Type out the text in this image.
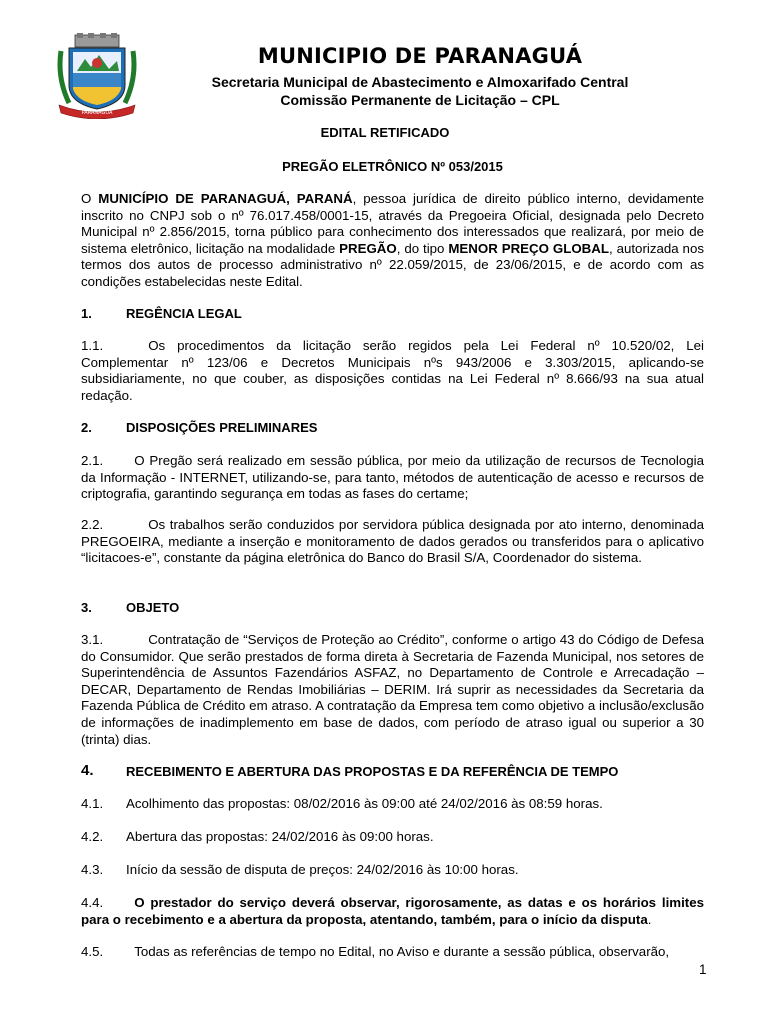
PARANAGUÁ
MUNICIPIO DE PARANAGUÁ
Secretaria Municipal de Abastecimento e Almoxarifado Central
Comissão Permanente de Licitação – CPL
EDITAL RETIFICADO
PREGÃO ELETRÔNICO Nº 053/2015
O MUNICÍPIO DE PARANAGUÁ, PARANÁ, pessoa jurídica de direito público interno, devidamente inscrito no CNPJ sob o nº 76.017.458/0001-15, através da Pregoeira Oficial, designada pelo Decreto Municipal nº 2.856/2015, torna público para conhecimento dos interessados que realizará, por meio de sistema eletrônico, licitação na modalidade PREGÃO, do tipo MENOR PREÇO GLOBAL, autorizada nos termos dos autos de processo administrativo nº 22.059/2015, de 23/06/2015, e de acordo com as condições estabelecidas neste Edital.
1.	REGÊNCIA LEGAL
1.1.	Os procedimentos da licitação serão regidos pela Lei Federal nº 10.520/02, Lei Complementar nº 123/06 e Decretos Municipais nºs 943/2006 e 3.303/2015, aplicando-se subsidiariamente, no que couber, as disposições contidas na Lei Federal nº 8.666/93 na sua atual redação.
2.	DISPOSIÇÕES PRELIMINARES
2.1. O Pregão será realizado em sessão pública, por meio da utilização de recursos de Tecnologia da Informação - INTERNET, utilizando-se, para tanto, métodos de autenticação de acesso e recursos de criptografia, garantindo segurança em todas as fases do certame;
2.2.	Os trabalhos serão conduzidos por servidora pública designada por ato interno, denominada PREGOEIRA, mediante a inserção e monitoramento de dados gerados ou transferidos para o aplicativo “licitacoes-e”, constante da página eletrônica do Banco do Brasil S/A, Coordenador do sistema.
3.	OBJETO
3.1.	Contratação de “Serviços de Proteção ao Crédito”, conforme o artigo 43 do Código de Defesa do Consumidor. Que serão prestados de forma direta à Secretaria de Fazenda Municipal, nos setores de Superintendência de Assuntos Fazendários ASFAZ, no Departamento de Controle e Arrecadação – DECAR, Departamento de Rendas Imobiliárias – DERIM. Irá suprir as necessidades da Secretaria da Fazenda Pública de Crédito em atraso. A contratação da Empresa tem como objetivo a inclusão/exclusão de informações de inadimplemento em base de dados, com período de atraso igual ou superior a 30 (trinta) dias.
4. RECEBIMENTO E ABERTURA DAS PROPOSTAS E DA REFERÊNCIA DE TEMPO
4.1. Acolhimento das propostas: 08/02/2016 às 09:00 até 24/02/2016 às 08:59 horas.
4.2. Abertura das propostas: 24/02/2016 às 09:00 horas.
4.3. Início da sessão de disputa de preços: 24/02/2016 às 10:00 horas.
4.4. O prestador do serviço deverá observar, rigorosamente, as datas e os horários limites para o recebimento e a abertura da proposta, atentando, também, para o início da disputa.
4.5. Todas as referências de tempo no Edital, no Aviso e durante a sessão pública, observarão,
1
